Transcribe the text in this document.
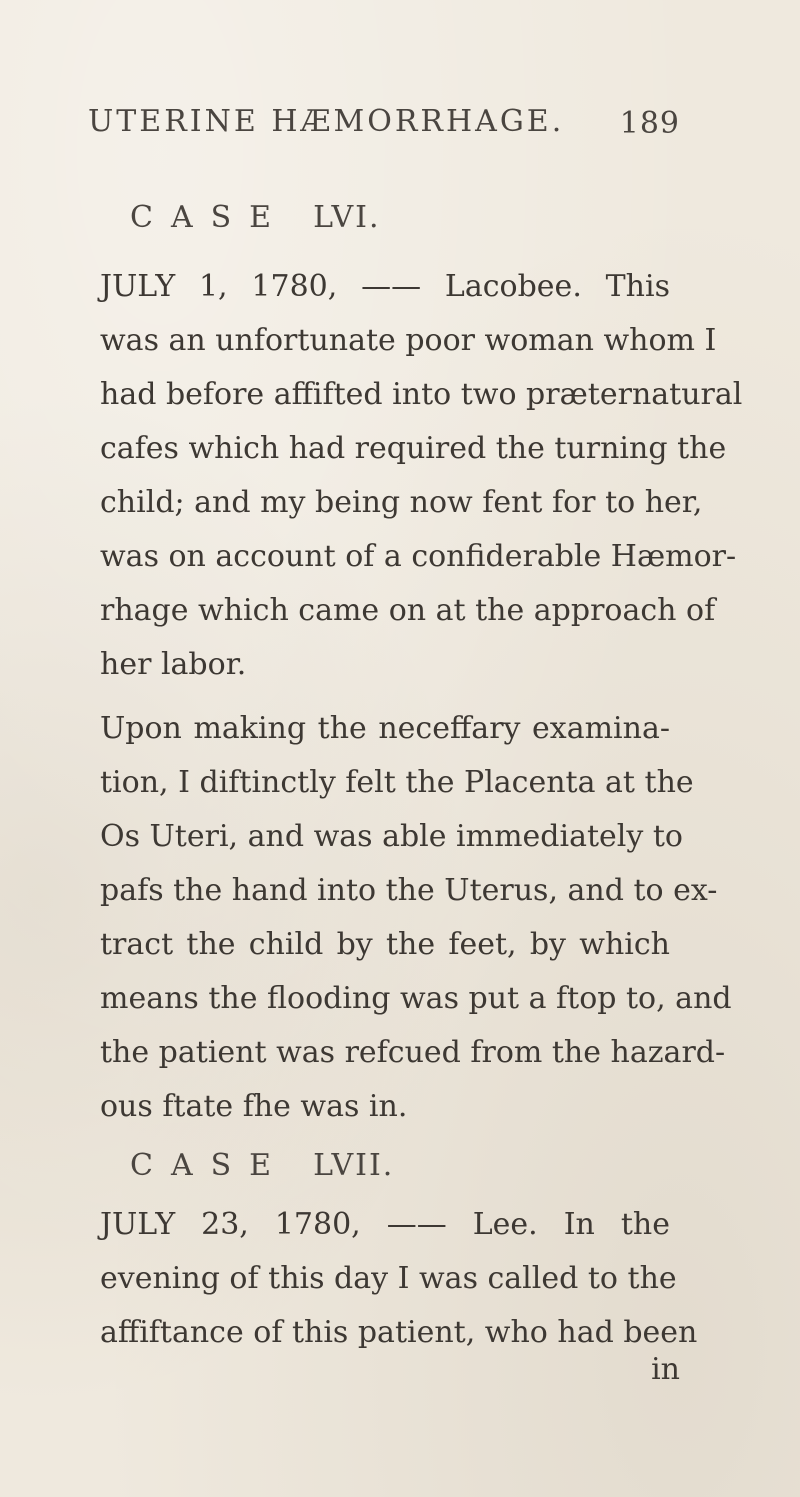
UTERINE HÆMORRHAGE. 189
CASE LVI.
JULY 1, 1780, —— Lacobee. This
was an unfortunate poor woman whom I
had before affifted into two præternatural
cafes which had required the turning the
child; and my being now fent for to her,
was on account of a confiderable Hæmor-
rhage which came on at the approach of
her labor.
Upon making the neceffary examina-
tion, I diftinctly felt the Placenta at the
Os Uteri, and was able immediately to
pafs the hand into the Uterus, and to ex-
tract the child by the feet, by which
means the flooding was put a ftop to, and
the patient was refcued from the hazard-
ous ftate fhe was in.
CASE LVII.
JULY 23, 1780, —— Lee. In the
evening of this day I was called to the
affiftance of this patient, who had been
in
